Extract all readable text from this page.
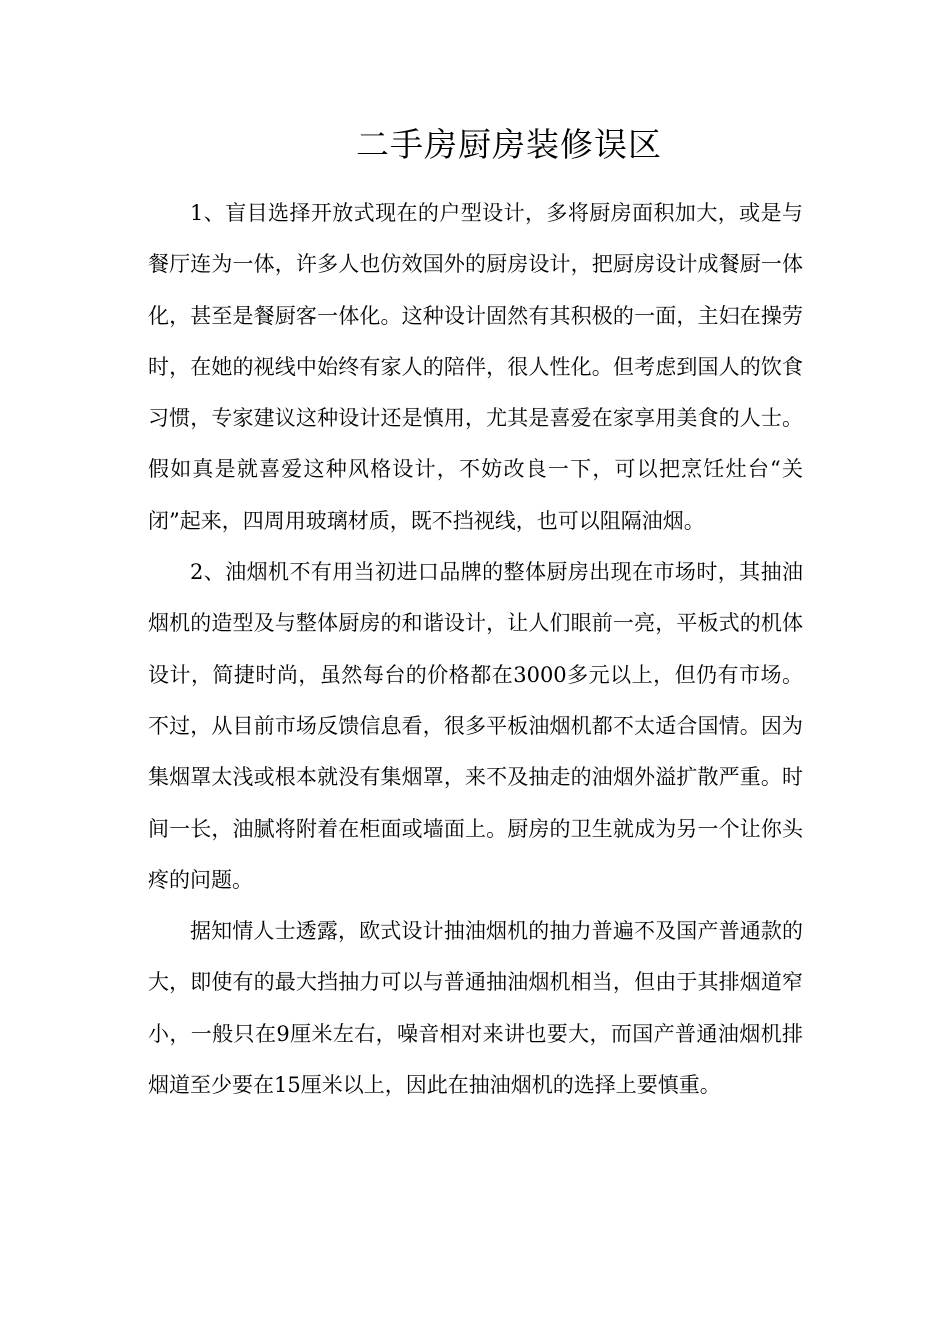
二手房厨房装修误区

1、盲目选择开放式现在的户型设计，多将厨房面积加大，或是与餐厅连为一体，许多人也仿效国外的厨房设计，把厨房设计成餐厨一体化，甚至是餐厨客一体化。这种设计固然有其积极的一面，主妇在操劳时，在她的视线中始终有家人的陪伴，很人性化。但考虑到国人的饮食习惯，专家建议这种设计还是慎用，尤其是喜爱在家享用美食的人士。假如真是就喜爱这种风格设计，不妨改良一下，可以把烹饪灶台“关闭”起来，四周用玻璃材质，既不挡视线，也可以阻隔油烟。

2、油烟机不有用当初进口品牌的整体厨房出现在市场时，其抽油烟机的造型及与整体厨房的和谐设计，让人们眼前一亮，平板式的机体设计，简捷时尚，虽然每台的价格都在3000多元以上，但仍有市场。不过，从目前市场反馈信息看，很多平板油烟机都不太适合国情。因为集烟罩太浅或根本就没有集烟罩，来不及抽走的油烟外溢扩散严重。时间一长，油腻将附着在柜面或墙面上。厨房的卫生就成为另一个让你头疼的问题。

据知情人士透露，欧式设计抽油烟机的抽力普遍不及国产普通款的大，即使有的最大挡抽力可以与普通抽油烟机相当，但由于其排烟道窄小，一般只在9厘米左右，噪音相对来讲也要大，而国产普通油烟机排烟道至少要在15厘米以上，因此在抽油烟机的选择上要慎重。
